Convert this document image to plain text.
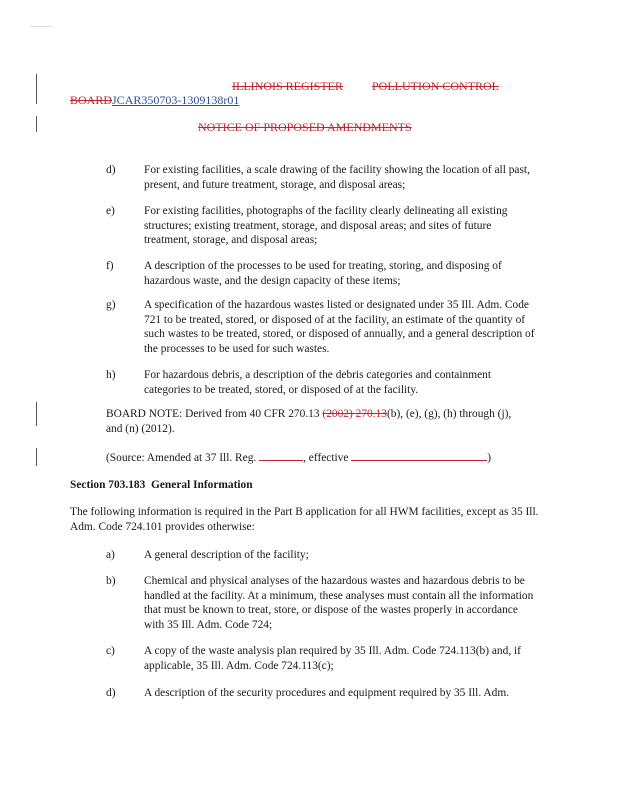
ILLINOIS REGISTER POLLUTION CONTROL
BOARDJCAR350703-1309138r01
NOTICE OF PROPOSED AMENDMENTS
d)	For existing facilities, a scale drawing of the facility showing the location of all past, present, and future treatment, storage, and disposal areas;
e)	For existing facilities, photographs of the facility clearly delineating all existing structures; existing treatment, storage, and disposal areas; and sites of future treatment, storage, and disposal areas;
f)	A description of the processes to be used for treating, storing, and disposing of hazardous waste, and the design capacity of these items;
g)	A specification of the hazardous wastes listed or designated under 35 Ill. Adm. Code 721 to be treated, stored, or disposed of at the facility, an estimate of the quantity of such wastes to be treated, stored, or disposed of annually, and a general description of the processes to be used for such wastes.
h)	For hazardous debris, a description of the debris categories and containment categories to be treated, stored, or disposed of at the facility.
BOARD NOTE: Derived from 40 CFR 270.13 (2002) 270.13(b), (e), (g), (h) through (j),
and (n) (2012).
(Source: Amended at 37 Ill. Reg.	, effective	)
Section 703.183 General Information
The following information is required in the Part B application for all HWM facilities, except as 35 Ill. Adm. Code 724.101 provides otherwise:
a)	A general description of the facility;
b)	Chemical and physical analyses of the hazardous wastes and hazardous debris to be handled at the facility. At a minimum, these analyses must contain all the information that must be known to treat, store, or dispose of the wastes properly in accordance with 35 Ill. Adm. Code 724;
c)	A copy of the waste analysis plan required by 35 Ill. Adm. Code 724.113(b) and, if applicable, 35 Ill. Adm. Code 724.113(c);
d)	A description of the security procedures and equipment required by 35 Ill. Adm.
